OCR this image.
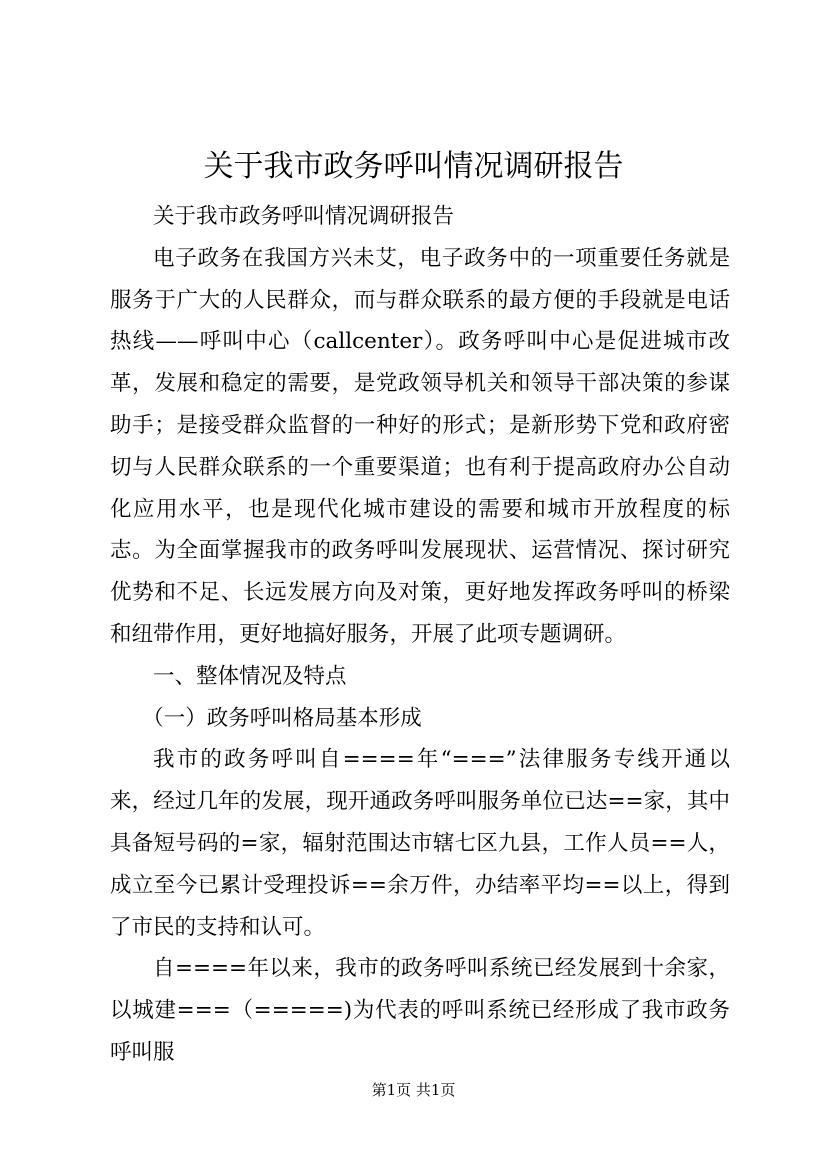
关于我市政务呼叫情况调研报告

关于我市政务呼叫情况调研报告

电子政务在我国方兴未艾，电子政务中的一项重要任务就是服务于广大的人民群众，而与群众联系的最方便的手段就是电话热线——呼叫中心（callcenter）。政务呼叫中心是促进城市改革，发展和稳定的需要，是党政领导机关和领导干部决策的参谋助手；是接受群众监督的一种好的形式；是新形势下党和政府密切与人民群众联系的一个重要渠道；也有利于提高政府办公自动化应用水平，也是现代化城市建设的需要和城市开放程度的标志。为全面掌握我市的政务呼叫发展现状、运营情况、探讨研究优势和不足、长远发展方向及对策，更好地发挥政务呼叫的桥梁和纽带作用，更好地搞好服务，开展了此项专题调研。

一、整体情况及特点

（一）政务呼叫格局基本形成

我市的政务呼叫自====年“===”法律服务专线开通以来，经过几年的发展，现开通政务呼叫服务单位已达==家，其中具备短号码的=家，辐射范围达市辖七区九县，工作人员==人，成立至今已累计受理投诉==余万件，办结率平均==以上，得到了市民的支持和认可。

自====年以来，我市的政务呼叫系统已经发展到十余家，以城建===（=====)为代表的呼叫系统已经形成了我市政务呼叫服

第1页 共1页
